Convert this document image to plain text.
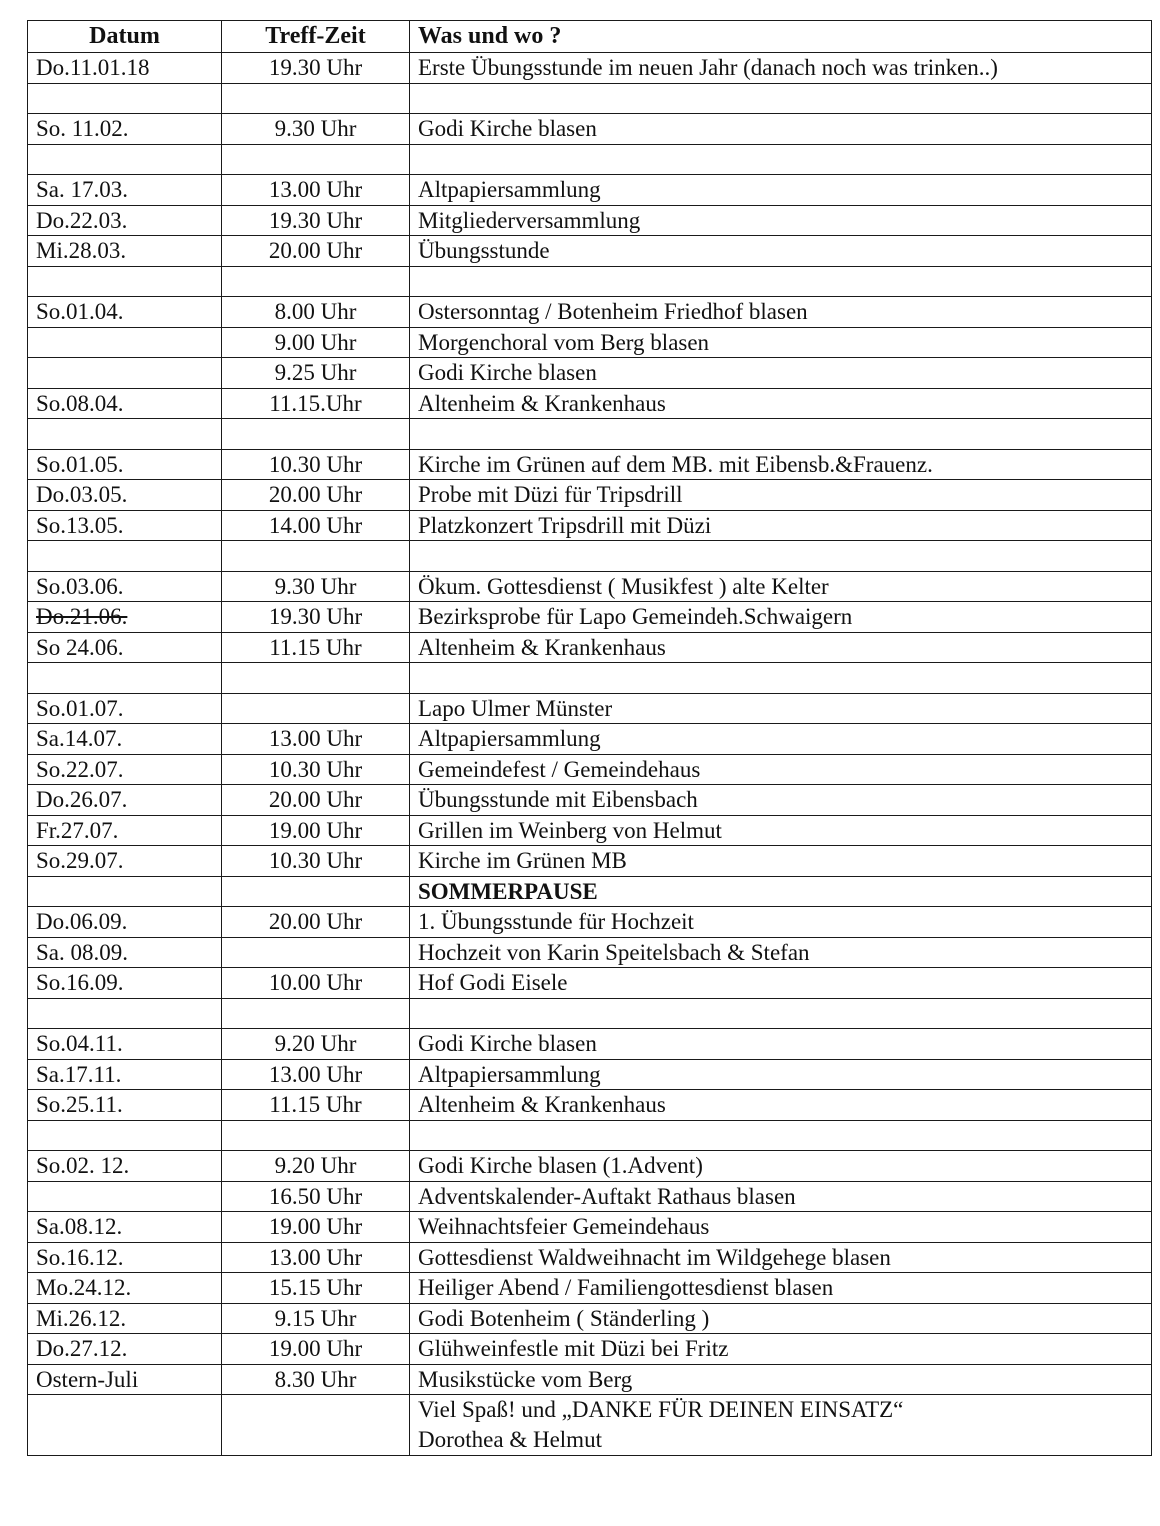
Datum	Treff-Zeit	Was und wo ?
Do.11.01.18	19.30 Uhr	Erste Übungsstunde im neuen Jahr (danach noch was trinken..)

So. 11.02.	9.30 Uhr	Godi Kirche blasen

Sa. 17.03.	13.00 Uhr	Altpapiersammlung
Do.22.03.	19.30 Uhr	Mitgliederversammlung
Mi.28.03.	20.00 Uhr	Übungsstunde

So.01.04.	8.00 Uhr	Ostersonntag / Botenheim Friedhof blasen
	9.00 Uhr	Morgenchoral vom Berg blasen
	9.25 Uhr	Godi Kirche blasen
So.08.04.	11.15.Uhr	Altenheim & Krankenhaus

So.01.05.	10.30 Uhr	Kirche im Grünen auf dem MB. mit Eibensb.&Frauenz.
Do.03.05.	20.00 Uhr	Probe mit Düzi für Tripsdrill
So.13.05.	14.00 Uhr	Platzkonzert Tripsdrill mit Düzi

So.03.06.	9.30 Uhr	Ökum. Gottesdienst ( Musikfest ) alte Kelter
Do.21.06.	19.30 Uhr	Bezirksprobe für Lapo Gemeindeh.Schwaigern
So 24.06.	11.15 Uhr	Altenheim & Krankenhaus

So.01.07.		Lapo Ulmer Münster
Sa.14.07.	13.00 Uhr	Altpapiersammlung
So.22.07.	10.30 Uhr	Gemeindefest / Gemeindehaus
Do.26.07.	20.00 Uhr	Übungsstunde mit Eibensbach
Fr.27.07.	19.00 Uhr	Grillen im Weinberg von Helmut
So.29.07.	10.30 Uhr	Kirche im Grünen MB
		SOMMERPAUSE
Do.06.09.	20.00 Uhr	1. Übungsstunde für Hochzeit
Sa. 08.09.		Hochzeit von Karin Speitelsbach & Stefan
So.16.09.	10.00 Uhr	Hof Godi Eisele

So.04.11.	9.20 Uhr	Godi Kirche blasen
Sa.17.11.	13.00 Uhr	Altpapiersammlung
So.25.11.	11.15 Uhr	Altenheim & Krankenhaus

So.02. 12.	9.20 Uhr	Godi Kirche blasen (1.Advent)
	16.50 Uhr	Adventskalender-Auftakt Rathaus blasen
Sa.08.12.	19.00 Uhr	Weihnachtsfeier Gemeindehaus
So.16.12.	13.00 Uhr	Gottesdienst Waldweihnacht im Wildgehege blasen
Mo.24.12.	15.15 Uhr	Heiliger Abend / Familiengottesdienst blasen
Mi.26.12.	9.15 Uhr	Godi Botenheim ( Ständerling )
Do.27.12.	19.00 Uhr	Glühweinfestle mit Düzi bei Fritz
Ostern-Juli	8.30 Uhr	Musikstücke vom Berg

		Viel Spaß! und „DANKE FÜR DEINEN EINSATZ“
Dorothea & Helmut
